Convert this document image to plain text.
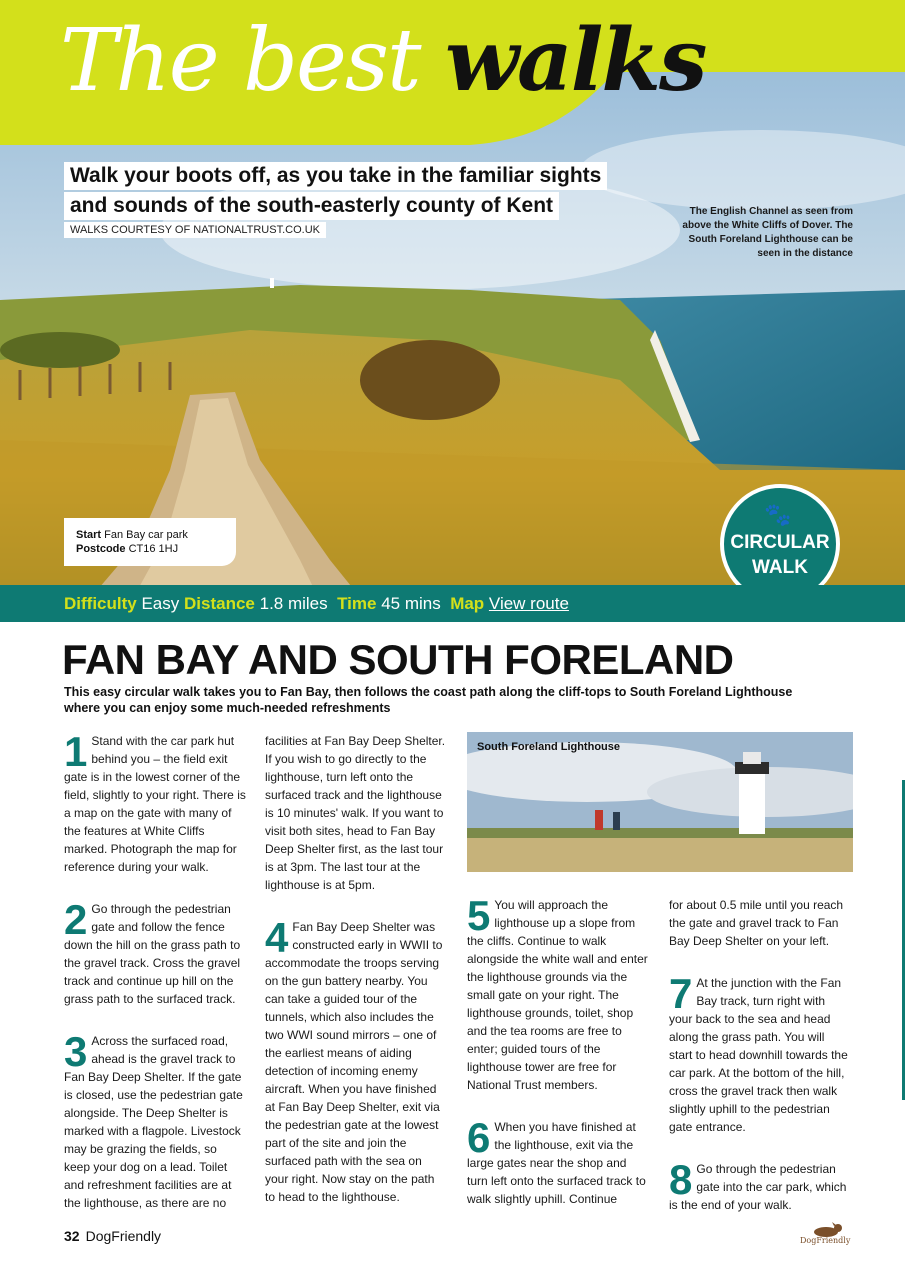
The best walks
Walk your boots off, as you take in the familiar sights
and sounds of the south-easterly county of Kent
WALKS COURTESY OF NATIONALTRUST.CO.UK
The English Channel as seen from above the White Cliffs of Dover. The South Foreland Lighthouse can be seen in the distance
Start Fan Bay car park
Postcode CT16 1HJ
🐾
CIRCULAR
WALK
Difficulty Easy Distance 1.8 miles Time 45 mins Map View route
FAN BAY AND SOUTH FORELAND
This easy circular walk takes you to Fan Bay, then follows the coast path along the cliff-tops to South Foreland Lighthouse where you can enjoy some much-needed refreshments

1 Stand with the car park hut behind you – the field exit gate is in the lowest corner of the field, slightly to your right. There is a map on the gate with many of the features at White Cliffs marked. Photograph the map for reference during your walk.

2 Go through the pedestrian gate and follow the fence down the hill on the grass path to the gravel track. Cross the gravel track and continue up hill on the grass path to the surfaced track.

3 Across the surfaced road, ahead is the gravel track to Fan Bay Deep Shelter. If the gate is closed, use the pedestrian gate alongside. The Deep Shelter is marked with a flagpole. Livestock may be grazing the fields, so keep your dog on a lead. Toilet and refreshment facilities are at the lighthouse, as there are no

facilities at Fan Bay Deep Shelter. If you wish to go directly to the lighthouse, turn left onto the surfaced track and the lighthouse is 10 minutes' walk. If you want to visit both sites, head to Fan Bay Deep Shelter first, as the last tour is at 3pm. The last tour at the lighthouse is at 5pm.

4 Fan Bay Deep Shelter was constructed early in WWII to accommodate the troops serving on the gun battery nearby. You can take a guided tour of the tunnels, which also includes the two WWI sound mirrors – one of the earliest means of aiding detection of incoming enemy aircraft. When you have finished at Fan Bay Deep Shelter, exit via the pedestrian gate at the lowest part of the site and join the surfaced path with the sea on your right. Now stay on the path to head to the lighthouse.

South Foreland Lighthouse

5 You will approach the lighthouse up a slope from the cliffs. Continue to walk alongside the white wall and enter the lighthouse grounds via the small gate on your right. The lighthouse grounds, toilet, shop and the tea rooms are free to enter; guided tours of the lighthouse tower are free for National Trust members.

6 When you have finished at the lighthouse, exit via the large gates near the shop and turn left onto the surfaced track to walk slightly uphill. Continue

for about 0.5 mile until you reach the gate and gravel track to Fan Bay Deep Shelter on your left.

7 At the junction with the Fan Bay track, turn right with your back to the sea and head along the grass path. You will start to head downhill towards the car park. At the bottom of the hill, cross the gravel track then walk slightly uphill to the pedestrian gate entrance.

8 Go through the pedestrian gate into the car park, which is the end of your walk.

32 DogFriendly	DogFriendly
